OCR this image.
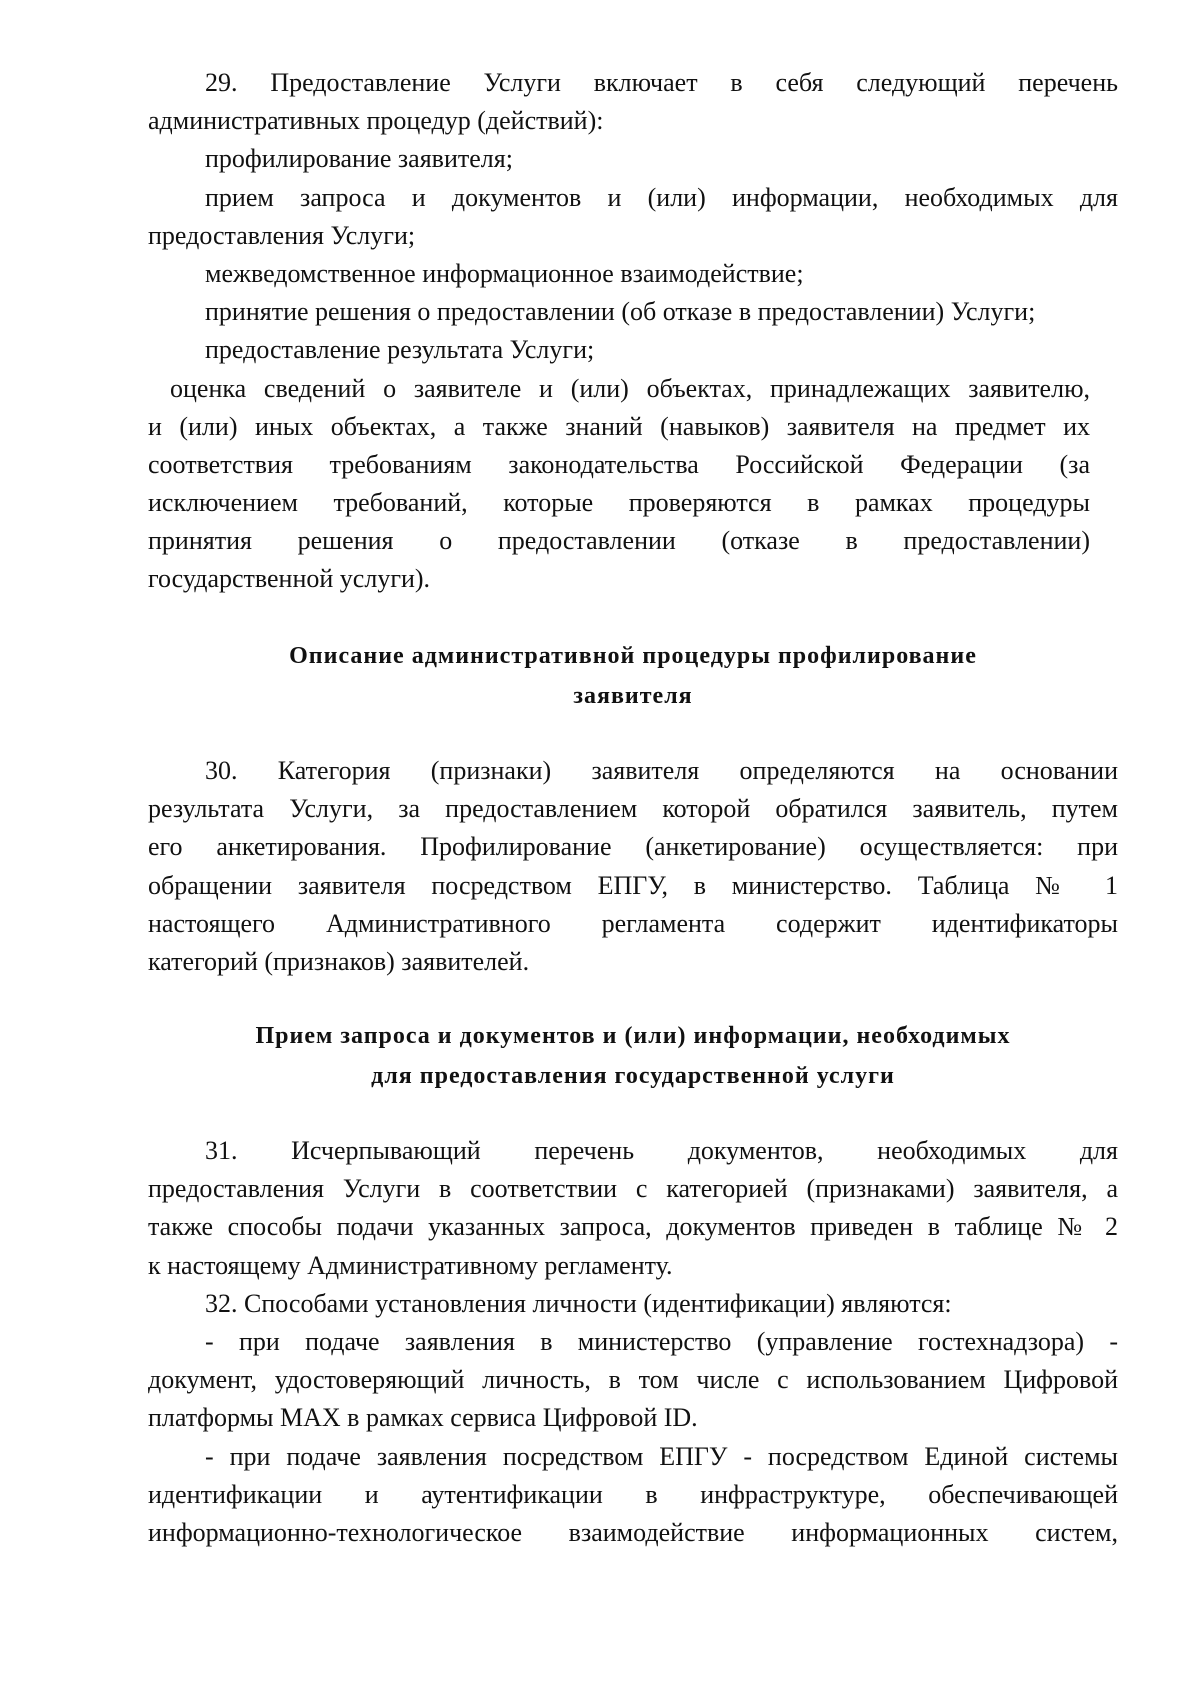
29. Предоставление Услуги включает в себя следующий перечень
административных процедур (действий):
профилирование заявителя;
прием запроса и документов и (или) информации, необходимых для
предоставления Услуги;
межведомственное информационное взаимодействие;
принятие решения о предоставлении (об отказе в предоставлении) Услуги;
предоставление результата Услуги;
оценка сведений о заявителе и (или) объектах, принадлежащих заявителю,
и (или) иных объектах, а также знаний (навыков) заявителя на предмет их
соответствия требованиям законодательства Российской Федерации (за
исключением требований, которые проверяются в рамках процедуры
принятия решения о предоставлении (отказе в предоставлении)
государственной услуги).
Описание административной процедуры профилирование
заявителя
30. Категория (признаки) заявителя определяются на основании
результата Услуги, за предоставлением которой обратился заявитель, путем
его анкетирования. Профилирование (анкетирование) осуществляется: при
обращении заявителя посредством ЕПГУ, в министерство. Таблица № 1
настоящего Административного регламента содержит идентификаторы
категорий (признаков) заявителей.
Прием запроса и документов и (или) информации, необходимых
для предоставления государственной услуги
31. Исчерпывающий перечень документов, необходимых для
предоставления Услуги в соответствии с категорией (признаками) заявителя, а
также способы подачи указанных запроса, документов приведен в таблице № 2
к настоящему Административному регламенту.
32. Способами установления личности (идентификации) являются:
- при подаче заявления в министерство (управление гостехнадзора) -
документ, удостоверяющий личность, в том числе с использованием Цифровой
платформы MAX в рамках сервиса Цифровой ID.
- при подаче заявления посредством ЕПГУ - посредством Единой системы
идентификации и аутентификации в инфраструктуре, обеспечивающей
информационно-технологическое взаимодействие информационных систем,
